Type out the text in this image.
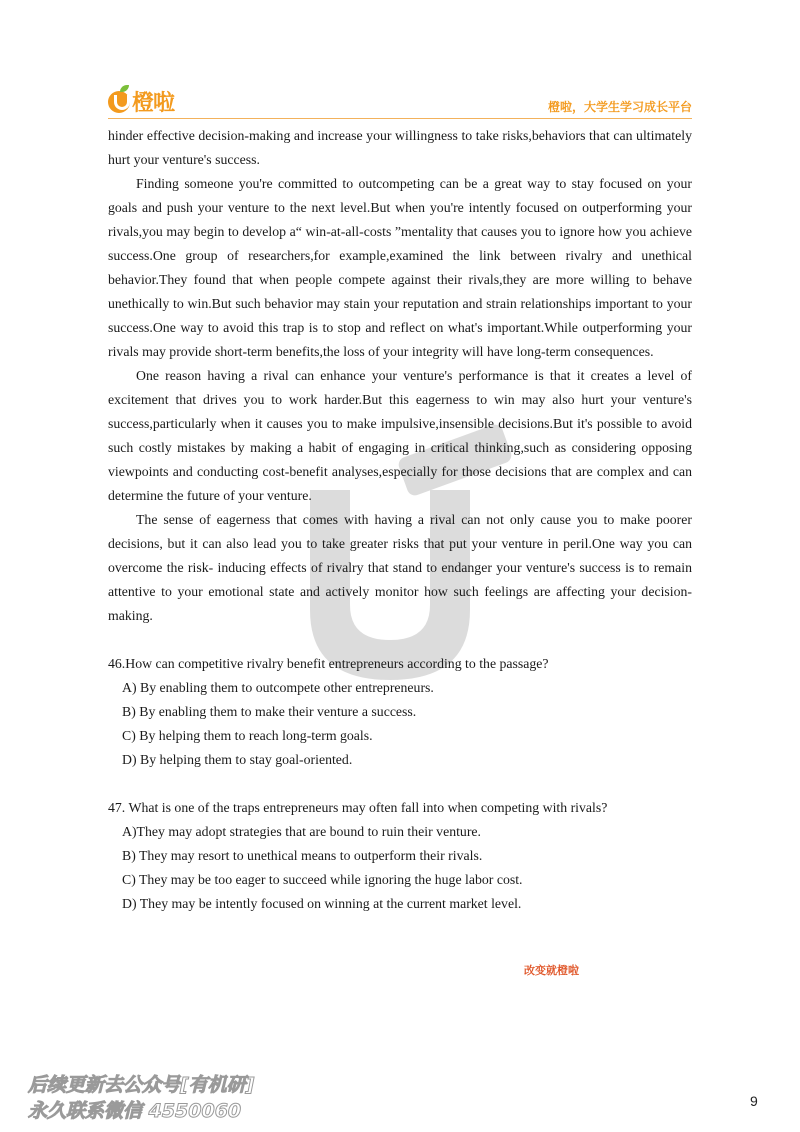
橙啦	橙啦，大学生学习成长平台

hinder effective decision-making and increase your willingness to take risks,behaviors that can ultimately hurt your venture's success.

Finding someone you're committed to outcompeting can be a great way to stay focused on your goals and push your venture to the next level.But when you're intently focused on outperforming your rivals,you may begin to develop a“ win-at-all-costs ”mentality that causes you to ignore how you achieve success.One group of researchers,for example,examined the link between rivalry and unethical behavior.They found that when people compete against their rivals,they are more willing to behave unethically to win.But such behavior may stain your reputation and strain relationships important to your success.One way to avoid this trap is to stop and reflect on what's important.While outperforming your rivals may provide short-term benefits,the loss of your integrity will have long-term consequences.

One reason having a rival can enhance your venture's performance is that it creates a level of excitement that drives you to work harder.But this eagerness to win may also hurt your venture's success,particularly when it causes you to make impulsive,insensible decisions.But it's possible to avoid such costly mistakes by making a habit of engaging in critical thinking,such as considering opposing viewpoints and conducting cost-benefit analyses,especially for those decisions that are complex and can determine the future of your venture.

The sense of eagerness that comes with having a rival can not only cause you to make poorer decisions, but it can also lead you to take greater risks that put your venture in peril.One way you can overcome the risk- inducing effects of rivalry that stand to endanger your venture's success is to remain attentive to your emotional state and actively monitor how such feelings are affecting your decision-making.

46.How can competitive rivalry benefit entrepreneurs according to the passage?

A) By enabling them to outcompete other entrepreneurs.

B) By enabling them to make their venture a success.

C) By helping them to reach long-term goals.

D) By helping them to stay goal-oriented.

47. What is one of the traps entrepreneurs may often fall into when competing with rivals?

A)They may adopt strategies that are bound to ruin their venture.

B) They may resort to unethical means to outperform their rivals.

C) They may be too eager to succeed while ignoring the huge labor cost.

D) They may be intently focused on winning at the current market level.

改变就橙啦
后续更新去公众号[有机研]
永久联系微信 4550060	9
